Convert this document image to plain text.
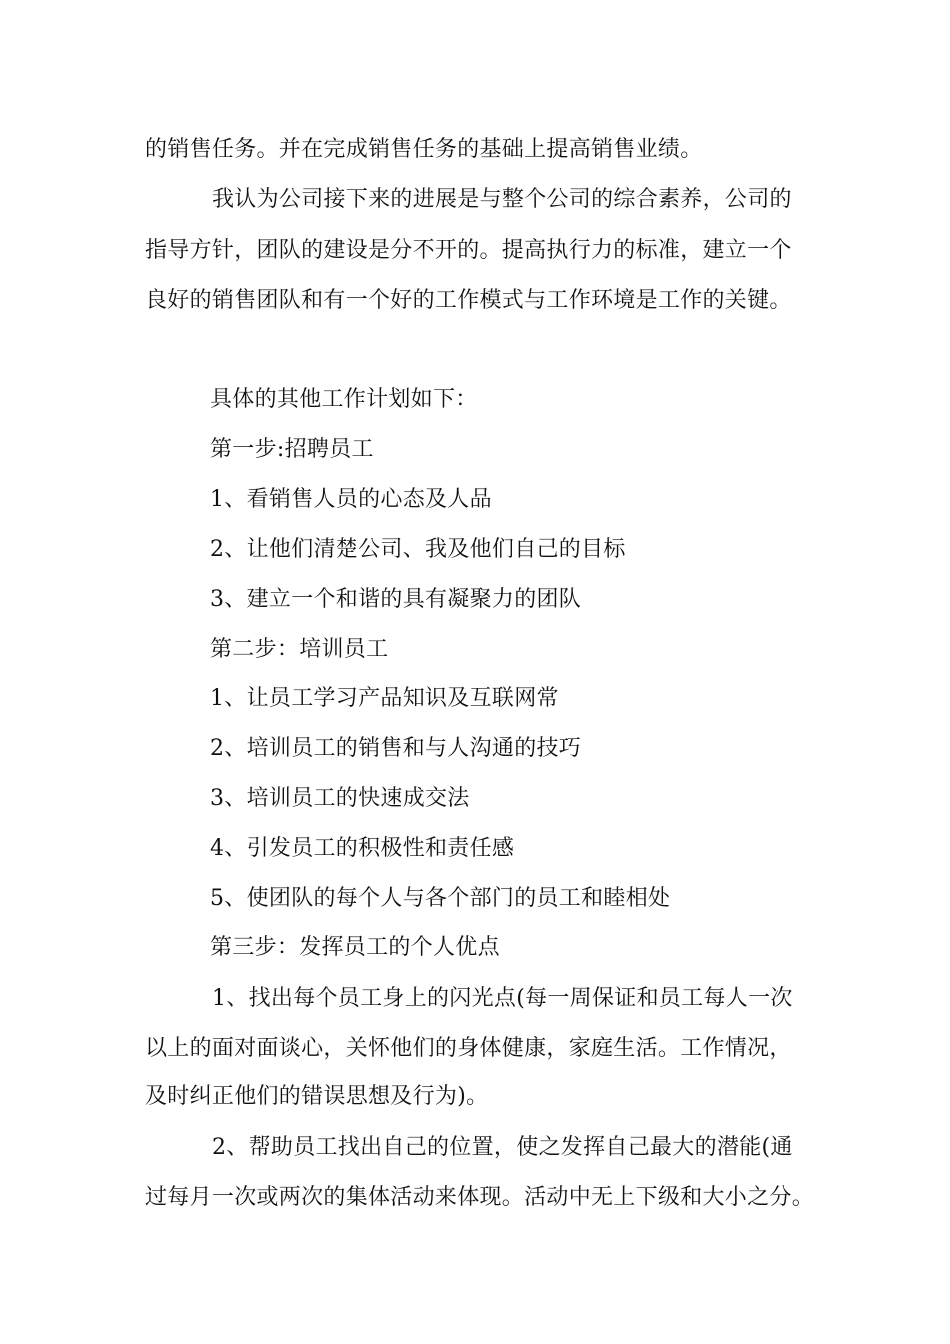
的销售任务。并在完成销售任务的基础上提高销售业绩。
我认为公司接下来的进展是与整个公司的综合素养，公司的
指导方针，团队的建设是分不开的。提高执行力的标准，建立一个
良好的销售团队和有一个好的工作模式与工作环境是工作的关键。
具体的其他工作计划如下：
第一步:招聘员工
1、看销售人员的心态及人品
2、让他们清楚公司、我及他们自己的目标
3、建立一个和谐的具有凝聚力的团队
第二步：培训员工
1、让员工学习产品知识及互联网常
2、培训员工的销售和与人沟通的技巧
3、培训员工的快速成交法
4、引发员工的积极性和责任感
5、使团队的每个人与各个部门的员工和睦相处
第三步：发挥员工的个人优点
1、找出每个员工身上的闪光点(每一周保证和员工每人一次
以上的面对面谈心，关怀他们的身体健康，家庭生活。工作情况，
及时纠正他们的错误思想及行为)。
2、帮助员工找出自己的位置，使之发挥自己最大的潜能(通
过每月一次或两次的集体活动来体现。活动中无上下级和大小之分。
